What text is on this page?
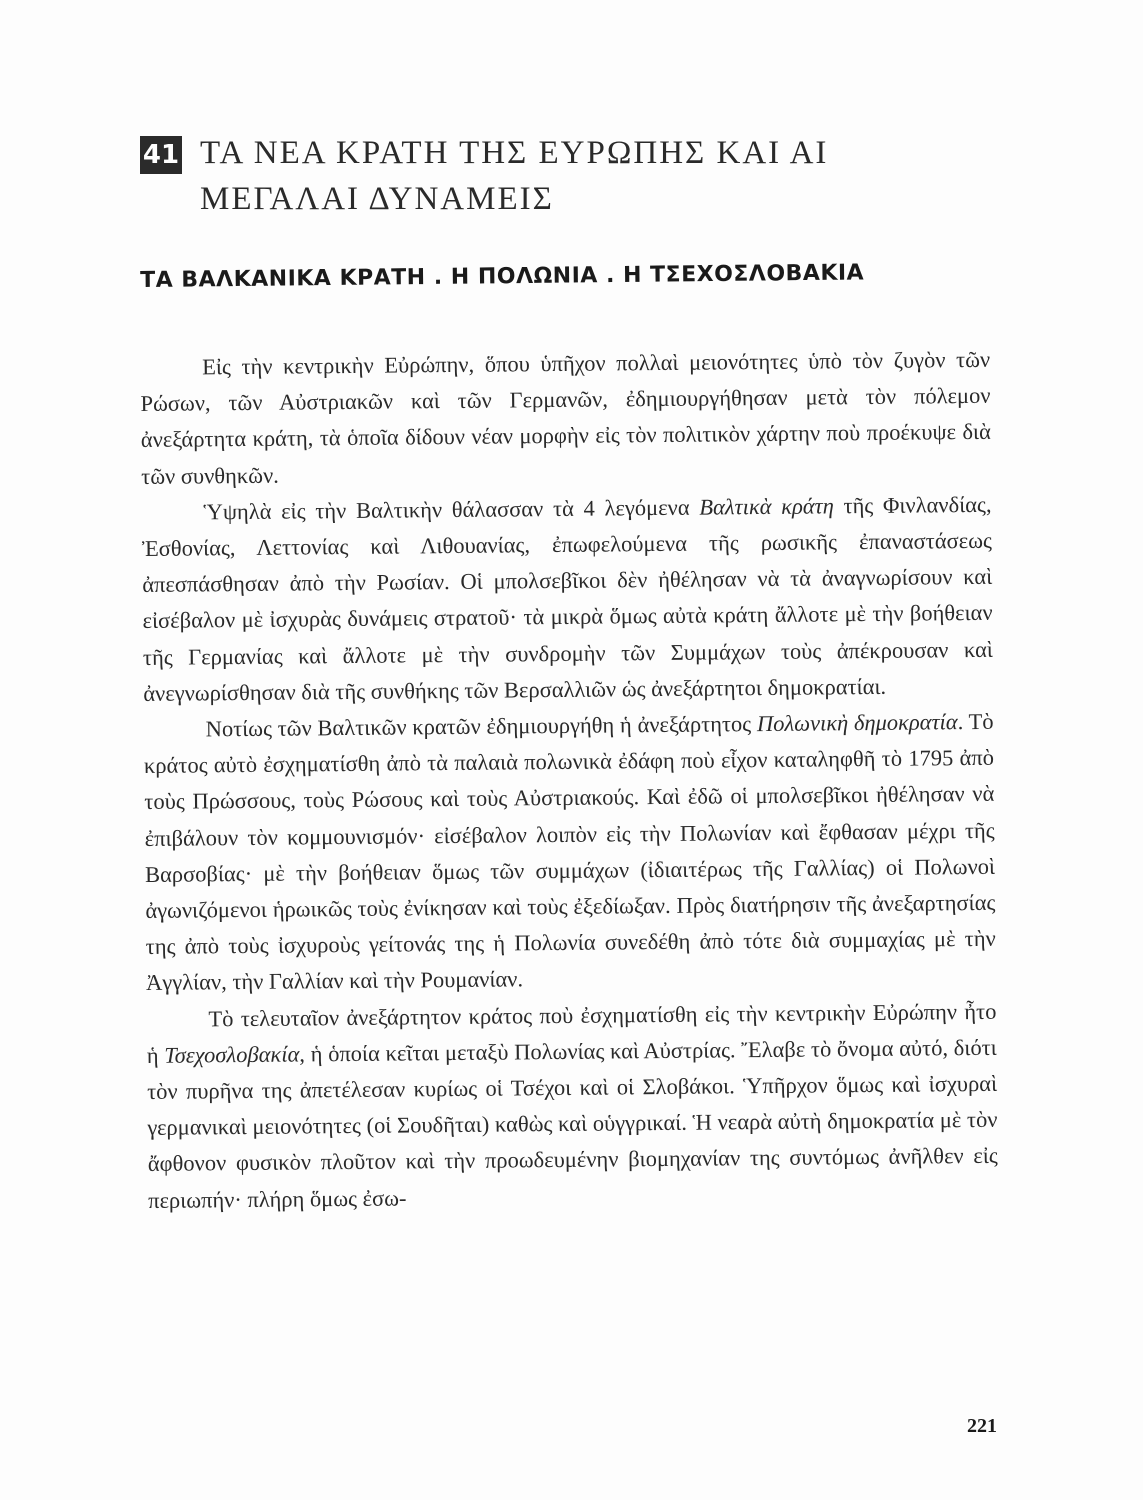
41 ΤΑ ΝΕΑ ΚΡΑΤΗ ΤΗΣ ΕΥΡΩΠΗΣ ΚΑΙ ΑΙ ΜΕΓΑΛΑΙ ΔΥΝΑΜΕΙΣ
ΤΑ ΒΑΛΚΑΝΙΚΑ ΚΡΑΤΗ . Η ΠΟΛΩΝΙΑ . Η ΤΣΕΧΟΣΛΟΒΑΚΙΑ

Εἰς τὴν κεντρικὴν Εὐρώπην, ὅπου ὑπῆχον πολλαὶ μειονότητες ὑπὸ τὸν ζυγὸν τῶν Ρώσων, τῶν Αὐστριακῶν καὶ τῶν Γερμανῶν, ἐδημιουργήθησαν μετὰ τὸν πόλεμον ἀνεξάρτητα κράτη, τὰ ὁποῖα δίδουν νέαν μορφὴν εἰς τὸν πολιτικὸν χάρτην ποὺ προέκυψε διὰ τῶν συνθηκῶν.

Ὑψηλὰ εἰς τὴν Βαλτικὴν θάλασσαν τὰ 4 λεγόμενα Βαλτικὰ κράτη τῆς Φινλανδίας, Ἐσθονίας, Λεττονίας καὶ Λιθουανίας, ἐπωφελούμενα τῆς ρωσικῆς ἐπαναστάσεως ἀπεσπάσθησαν ἀπὸ τὴν Ρωσίαν. Οἱ μπολσεβῖκοι δὲν ἠθέλησαν νὰ τὰ ἀναγνωρίσουν καὶ εἰσέβαλον μὲ ἰσχυρὰς δυνάμεις στρατοῦ· τὰ μικρὰ ὅμως αὐτὰ κράτη ἄλλοτε μὲ τὴν βοήθειαν τῆς Γερμανίας καὶ ἄλλοτε μὲ τὴν συνδρομὴν τῶν Συμμάχων τοὺς ἀπέκρουσαν καὶ ἀνεγνωρίσθησαν διὰ τῆς συνθήκης τῶν Βερσαλλιῶν ὡς ἀνεξάρτητοι δημοκρατίαι.

Νοτίως τῶν Βαλτικῶν κρατῶν ἐδημιουργήθη ἡ ἀνεξάρτητος Πολωνικὴ δημοκρατία. Τὸ κράτος αὐτὸ ἐσχηματίσθη ἀπὸ τὰ παλαιὰ πολωνικὰ ἐδάφη ποὺ εἶχον καταληφθῆ τὸ 1795 ἀπὸ τοὺς Πρώσσους, τοὺς Ρώσους καὶ τοὺς Αὐστριακούς. Καὶ ἐδῶ οἱ μπολσεβῖκοι ἠθέλησαν νὰ ἐπιβάλουν τὸν κομμουνισμόν· εἰσέβαλον λοιπὸν εἰς τὴν Πολωνίαν καὶ ἔφθασαν μέχρι τῆς Βαρσοβίας· μὲ τὴν βοήθειαν ὅμως τῶν συμμάχων (ἰδιαιτέρως τῆς Γαλλίας) οἱ Πολωνοὶ ἀγωνιζόμενοι ἡρωικῶς τοὺς ἐνίκησαν καὶ τοὺς ἐξεδίωξαν. Πρὸς διατήρησιν τῆς ἀνεξαρτησίας της ἀπὸ τοὺς ἰσχυροὺς γείτονάς της ἡ Πολωνία συνεδέθη ἀπὸ τότε διὰ συμμαχίας μὲ τὴν Ἀγγλίαν, τὴν Γαλλίαν καὶ τὴν Ρουμανίαν.

Τὸ τελευταῖον ἀνεξάρτητον κράτος ποὺ ἐσχηματίσθη εἰς τὴν κεντρικὴν Εὐρώπην ἦτο ἡ Τσεχοσλοβακία, ἡ ὁποία κεῖται μεταξὺ Πολωνίας καὶ Αὐστρίας. Ἔλαβε τὸ ὄνομα αὐτό, διότι τὸν πυρῆνα της ἀπετέλεσαν κυρίως οἱ Τσέχοι καὶ οἱ Σλοβάκοι. Ὑπῆρχον ὅμως καὶ ἰσχυραὶ γερμανικαὶ μειονότητες (οἱ Σουδῆται) καθὼς καὶ οὑγγρικαί. Ἡ νεαρὰ αὐτὴ δημοκρατία μὲ τὸν ἄφθονον φυσικὸν πλοῦτον καὶ τὴν προωδευμένην βιομηχανίαν της συντόμως ἀνῆλθεν εἰς περιωπήν· πλήρη ὅμως ἐσω-

221
